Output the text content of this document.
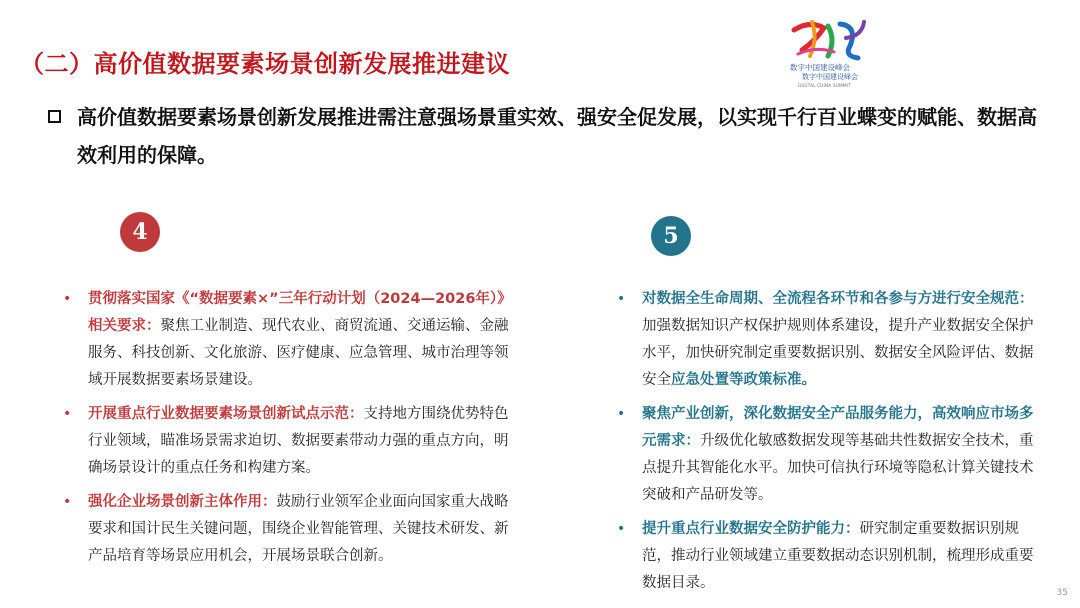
（二）高价值数据要素场景创新发展推进建议	数字中国建设峰会
数字中国建设峰会
DIGITAL CHINA SUMMIT
高价值数据要素场景创新发展推进需注意强场景重实效、强安全促发展，以实现千行百业蝶变的赋能、数据高效利用的保障。
4	5
• 贯彻落实国家《“数据要素×”三年行动计划（2024—2026年）》相关要求：聚焦工业制造、现代农业、商贸流通、交通运输、金融服务、科技创新、文化旅游、医疗健康、应急管理、城市治理等领域开展数据要素场景建设。
• 开展重点行业数据要素场景创新试点示范：支持地方围绕优势特色行业领域，瞄准场景需求迫切、数据要素带动力强的重点方向，明确场景设计的重点任务和构建方案。
• 强化企业场景创新主体作用：鼓励行业领军企业面向国家重大战略要求和国计民生关键问题，围绕企业智能管理、关键技术研发、新产品培育等场景应用机会，开展场景联合创新。
• 对数据全生命周期、全流程各环节和各参与方进行安全规范：加强数据知识产权保护规则体系建设，提升产业数据安全保护水平，加快研究制定重要数据识别、数据安全风险评估、数据安全应急处置等政策标准。
• 聚焦产业创新，深化数据安全产品服务能力，高效响应市场多元需求：升级优化敏感数据发现等基础共性数据安全技术，重点提升其智能化水平。加快可信执行环境等隐私计算关键技术突破和产品研发等。
• 提升重点行业数据安全防护能力：研究制定重要数据识别规范，推动行业领域建立重要数据动态识别机制，梳理形成重要数据目录。
35
